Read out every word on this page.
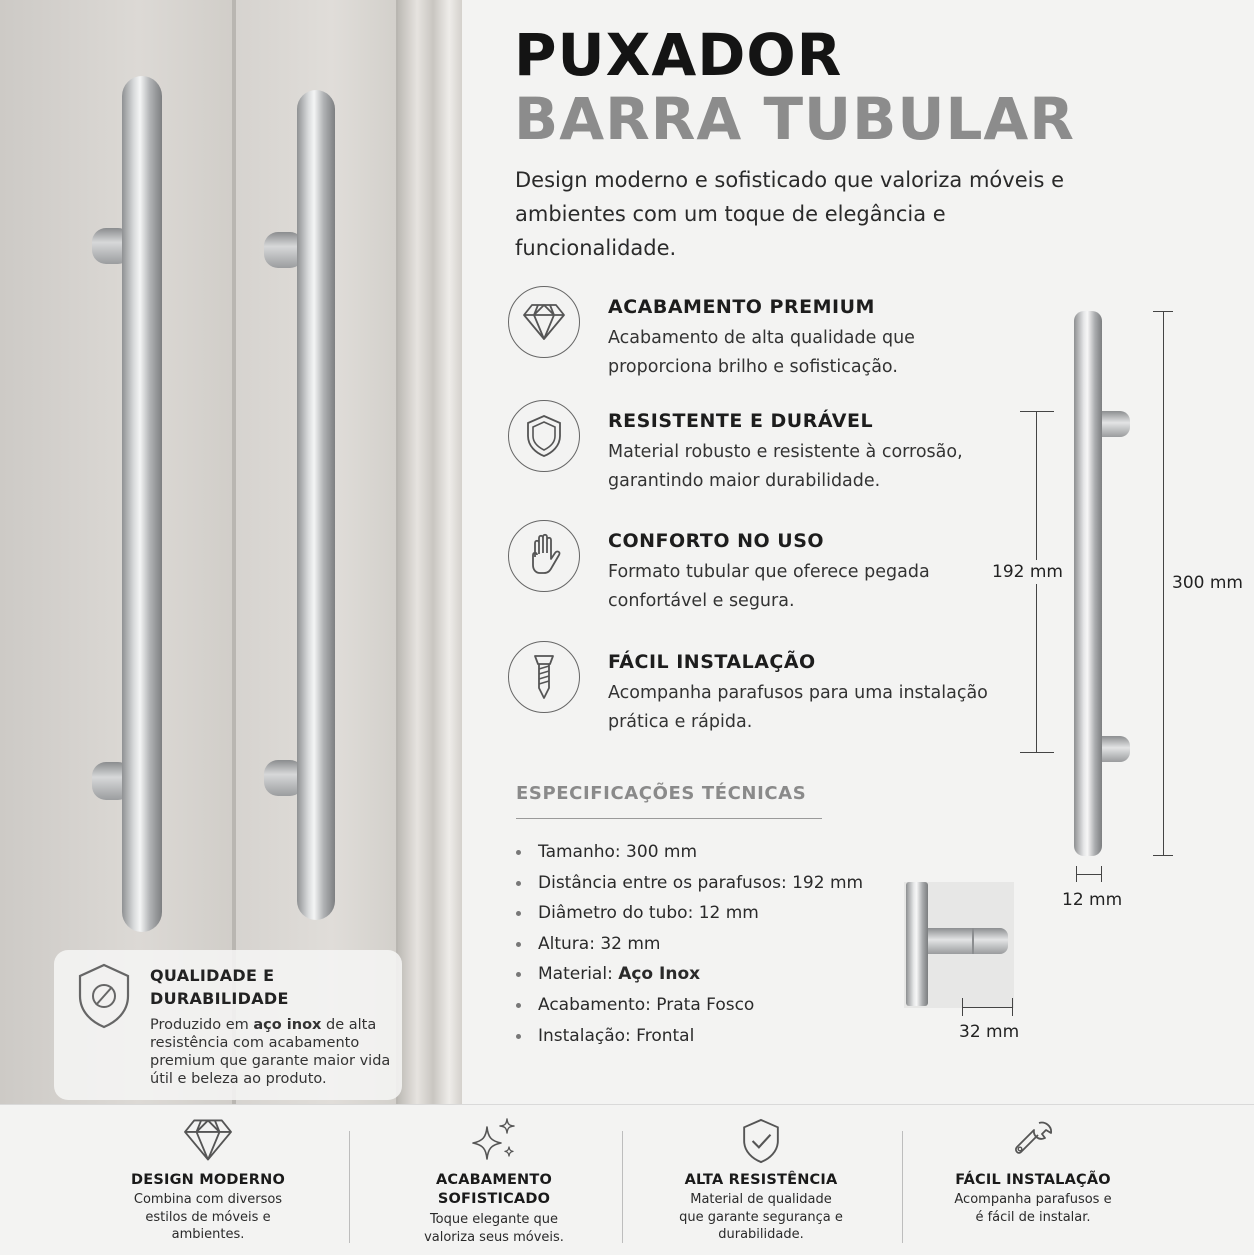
QUALIDADE E DURABILIDADE
Produzido em aço inox de alta resistência com acabamento premium que garante maior vida útil e beleza ao produto.
PUXADOR
BARRA TUBULAR
Design moderno e sofisticado que valoriza móveis e ambientes com um toque de elegância e funcionalidade.
ACABAMENTO PREMIUM
Acabamento de alta qualidade que proporciona brilho e sofisticação.
RESISTENTE E DURÁVEL
Material robusto e resistente à corrosão, garantindo maior durabilidade.
CONFORTO NO USO
Formato tubular que oferece pegada confortável e segura.
FÁCIL INSTALAÇÃO
Acompanha parafusos para uma instalação prática e rápida.
ESPECIFICAÇÕES TÉCNICAS
Tamanho: 300 mm
Distância entre os parafusos: 192 mm
Diâmetro do tubo: 12 mm
Altura: 32 mm
Material: Aço Inox
Acabamento: Prata Fosco
Instalação: Frontal
300 mm
192 mm
12 mm
32 mm
DESIGN MODERNO
Combina com diversos estilos de móveis e ambientes.
ACABAMENTO SOFISTICADO
Toque elegante que valoriza seus móveis.
ALTA RESISTÊNCIA
Material de qualidade que garante segurança e durabilidade.
FÁCIL INSTALAÇÃO
Acompanha parafusos e é fácil de instalar.
